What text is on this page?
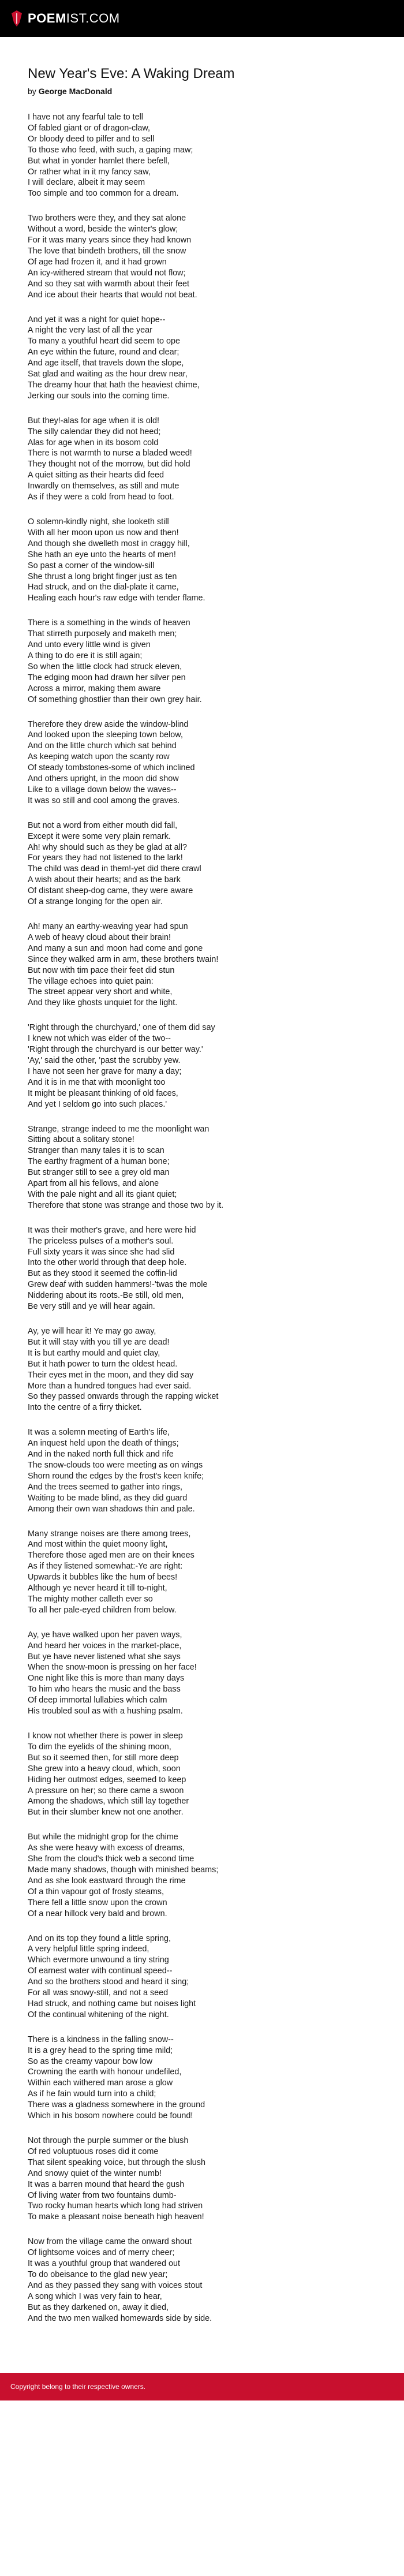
POEMIST.COM
New Year's Eve: A Waking Dream
by George MacDonald
I have not any fearful tale to tell
Of fabled giant or of dragon-claw,
Or bloody deed to pilfer and to sell
To those who feed, with such, a gaping maw;
But what in yonder hamlet there befell,
Or rather what in it my fancy saw,
I will declare, albeit it may seem
Too simple and too common for a dream.
Two brothers were they, and they sat alone
Without a word, beside the winter's glow;
For it was many years since they had known
The love that bindeth brothers, till the snow
Of age had frozen it, and it had grown
An icy-withered stream that would not flow;
And so they sat with warmth about their feet
And ice about their hearts that would not beat.
And yet it was a night for quiet hope--
A night the very last of all the year
To many a youthful heart did seem to ope
An eye within the future, round and clear;
And age itself, that travels down the slope,
Sat glad and waiting as the hour drew near,
The dreamy hour that hath the heaviest chime,
Jerking our souls into the coming time.
But they!-alas for age when it is old!
The silly calendar they did not heed;
Alas for age when in its bosom cold
There is not warmth to nurse a bladed weed!
They thought not of the morrow, but did hold
A quiet sitting as their hearts did feed
Inwardly on themselves, as still and mute
As if they were a cold from head to foot.
O solemn-kindly night, she looketh still
With all her moon upon us now and then!
And though she dwelleth most in craggy hill,
She hath an eye unto the hearts of men!
So past a corner of the window-sill
She thrust a long bright finger just as ten
Had struck, and on the dial-plate it came,
Healing each hour's raw edge with tender flame.
There is a something in the winds of heaven
That stirreth purposely and maketh men;
And unto every little wind is given
A thing to do ere it is still again;
So when the little clock had struck eleven,
The edging moon had drawn her silver pen
Across a mirror, making them aware
Of something ghostlier than their own grey hair.
Therefore they drew aside the window-blind
And looked upon the sleeping town below,
And on the little church which sat behind
As keeping watch upon the scanty row
Of steady tombstones-some of which inclined
And others upright, in the moon did show
Like to a village down below the waves--
It was so still and cool among the graves.
But not a word from either mouth did fall,
Except it were some very plain remark.
Ah! why should such as they be glad at all?
For years they had not listened to the lark!
The child was dead in them!-yet did there crawl
A wish about their hearts; and as the bark
Of distant sheep-dog came, they were aware
Of a strange longing for the open air.
Ah! many an earthy-weaving year had spun
A web of heavy cloud about their brain!
And many a sun and moon had come and gone
Since they walked arm in arm, these brothers twain!
But now with tim pace their feet did stun
The village echoes into quiet pain:
The street appear very short and white,
And they like ghosts unquiet for the light.
'Right through the churchyard,' one of them did say
I knew not which was elder of the two--
'Right through the churchyard is our better way.'
'Ay,' said the other, 'past the scrubby yew.
I have not seen her grave for many a day;
And it is in me that with moonlight too
It might be pleasant thinking of old faces,
And yet I seldom go into such places.'
Strange, strange indeed to me the moonlight wan
Sitting about a solitary stone!
Stranger than many tales it is to scan
The earthy fragment of a human bone;
But stranger still to see a grey old man
Apart from all his fellows, and alone
With the pale night and all its giant quiet;
Therefore that stone was strange and those two by it.
It was their mother's grave, and here were hid
The priceless pulses of a mother's soul.
Full sixty years it was since she had slid
Into the other world through that deep hole.
But as they stood it seemed the coffin-lid
Grew deaf with sudden hammers!-'twas the mole
Niddering about its roots.-Be still, old men,
Be very still and ye will hear again.
Ay, ye will hear it! Ye may go away,
But it will stay with you till ye are dead!
It is but earthy mould and quiet clay,
But it hath power to turn the oldest head.
Their eyes met in the moon, and they did say
More than a hundred tongues had ever said.
So they passed onwards through the rapping wicket
Into the centre of a firry thicket.
It was a solemn meeting of Earth's life,
An inquest held upon the death of things;
And in the naked north full thick and rife
The snow-clouds too were meeting as on wings
Shorn round the edges by the frost's keen knife;
And the trees seemed to gather into rings,
Waiting to be made blind, as they did guard
Among their own wan shadows thin and pale.
Many strange noises are there among trees,
And most within the quiet moony light,
Therefore those aged men are on their knees
As if they listened somewhat:-Ye are right:
Upwards it bubbles like the hum of bees!
Although ye never heard it till to-night,
The mighty mother calleth ever so
To all her pale-eyed children from below.
Ay, ye have walked upon her paven ways,
And heard her voices in the market-place,
But ye have never listened what she says
When the snow-moon is pressing on her face!
One night like this is more than many days
To him who hears the music and the bass
Of deep immortal lullabies which calm
His troubled soul as with a hushing psalm.
I know not whether there is power in sleep
To dim the eyelids of the shining moon,
But so it seemed then, for still more deep
She grew into a heavy cloud, which, soon
Hiding her outmost edges, seemed to keep
A pressure on her; so there came a swoon
Among the shadows, which still lay together
But in their slumber knew not one another.
But while the midnight grop for the chime
As she were heavy with excess of dreams,
She from the cloud's thick web a second time
Made many shadows, though with minished beams;
And as she look eastward through the rime
Of a thin vapour got of frosty steams,
There fell a little snow upon the crown
Of a near hillock very bald and brown.
And on its top they found a little spring,
A very helpful little spring indeed,
Which evermore unwound a tiny string
Of earnest water with continual speed--
And so the brothers stood and heard it sing;
For all was snowy-still, and not a seed
Had struck, and nothing came but noises light
Of the continual whitening of the night.
There is a kindness in the falling snow--
It is a grey head to the spring time mild;
So as the creamy vapour bow low
Crowning the earth with honour undefiled,
Within each withered man arose a glow
As if he fain would turn into a child;
There was a gladness somewhere in the ground
Which in his bosom nowhere could be found!
Not through the purple summer or the blush
Of red voluptuous roses did it come
That silent speaking voice, but through the slush
And snowy quiet of the winter numb!
It was a barren mound that heard the gush
Of living water from two fountains dumb-
Two rocky human hearts which long had striven
To make a pleasant noise beneath high heaven!
Now from the village came the onward shout
Of lightsome voices and of merry cheer;
It was a youthful group that wandered out
To do obeisance to the glad new year;
And as they passed they sang with voices stout
A song which I was very fain to hear,
But as they darkened on, away it died,
And the two men walked homewards side by side.
Copyright belong to their respective owners.
